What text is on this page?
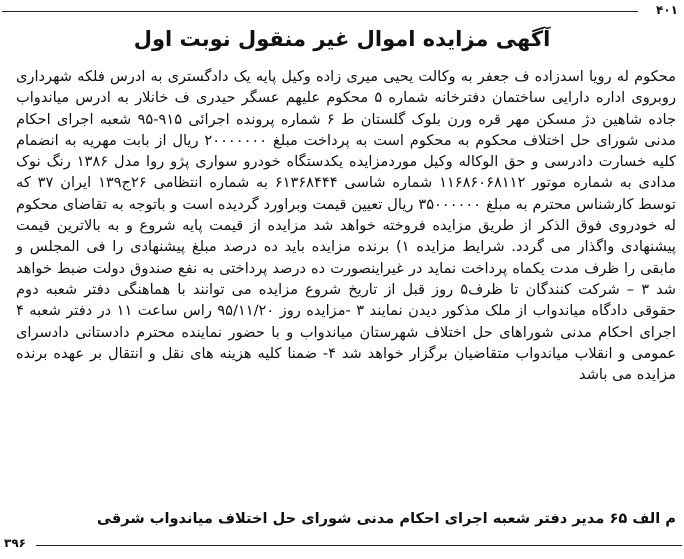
۴۰۱
آگهی مزایده اموال غیر منقول نوبت اول

محکوم له رویا اسدزاده ف جعفر به وکالت یحیی میری زاده وکیل پایه یک دادگستری به ادرس فلکه شهرداری روبروی اداره دارایی ساختمان دفترخانه شماره ۵ محکوم علیهم عسگر حیدری ف خانلار به ادرس میاندواب جاده شاهین دژ مسکن مهر قره ورن بلوک گلستان ط ۶ شماره پرونده اجرائی ۹۱۵-۹۵ شعبه اجرای احکام مدنی شورای حل اختلاف محکوم به محکوم است به پرداخت مبلغ ۲۰۰۰۰۰۰۰ ریال از بابت مهریه به انضمام کلیه خسارت دادرسی و حق الوکاله وکیل موردمزایده یکدستگاه خودرو سواری پژو روا مدل ۱۳۸۶ رنگ نوک مدادی به شماره موتور ۱۱۶۸۶۰۶۸۱۱۲ شماره شاسی ۶۱۳۶۸۴۴۴ به شماره انتظامی ۲۶ج۱۳۹ ایران ۳۷ که توسط کارشناس محترم به مبلغ ۳۵۰۰۰۰۰۰ ریال تعیین قیمت وبراورد گردیده است و باتوجه به تقاضای محکوم له خودروی فوق الذکر از طریق مزایده فروخته خواهد شد مزایده از قیمت پایه شروع و به بالاترین قیمت پیشنهادی واگذار می گردد. شرایط مزایده ۱) برنده مزایده باید ده درصد مبلغ پیشنهادی را فی المجلس و مابقی را ظرف مدت یکماه پرداخت نماید در غیراینصورت ده درصد پرداختی به نفع صندوق دولت ضبط خواهد شد ۳ – شرکت کنندگان تا ظرف۵ روز قبل از تاریخ شروع مزایده می توانند با هماهنگی دفتر شعبه دوم حقوقی دادگاه میاندواب از ملک مذکور دیدن نمایند ۳ -مزایده روز ۹۵/۱۱/۲۰ راس ساعت ۱۱ در دفتر شعبه ۴ اجرای احکام مدنی شوراهای حل اختلاف شهرستان میاندواب و با حضور نماینده محترم دادستانی دادسرای عمومی و انقلاب میاندواب متقاضیان برگزار خواهد شد ۴- ضمنا کلیه هزینه های نقل و انتقال بر عهده برنده مزایده می باشد

م الف ۶۵ مدیر دفتر شعبه اجرای احکام مدنی شورای حل اختلاف میاندواب شرقی
۳۹۶
